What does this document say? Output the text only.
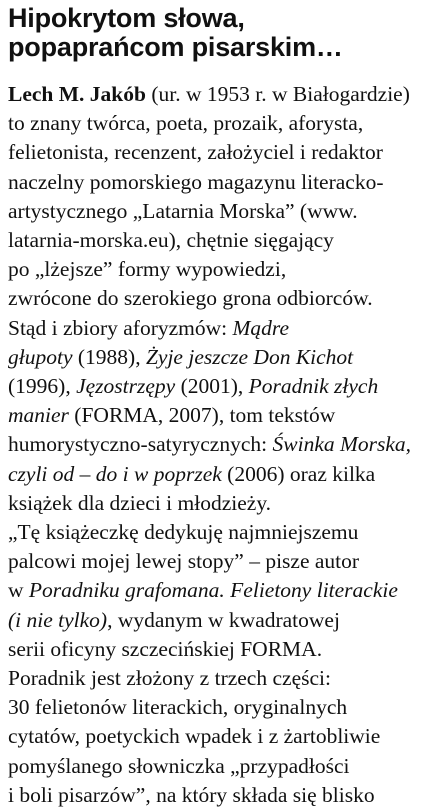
Hipokrytom słowa,
popaprańcom pisarskim…
Lech M. Jakób (ur. w 1953 r. w Białogardzie)
to znany twórca, poeta, prozaik, aforysta,
felietonista, recenzent, założyciel i redaktor
naczelny pomorskiego magazynu literacko-
artystycznego „Latarnia Morska” (www.
latarnia-morska.eu), chętnie sięgający
po „lżejsze” formy wypowiedzi,
zwrócone do szerokiego grona odbiorców.
Stąd i zbiory aforyzmów: Mądre
głupoty (1988), Żyje jeszcze Don Kichot
(1996), Jęzostrzępy (2001), Poradnik złych
manier (FORMA, 2007), tom tekstów
humorystyczno-satyrycznych: Świnka Morska,
czyli od – do i w poprzek (2006) oraz kilka
książek dla dzieci i młodzieży.
„Tę książeczkę dedykuję najmniejszemu
palcowi mojej lewej stopy” – pisze autor
w Poradniku grafomana. Felietony literackie
(i nie tylko), wydanym w kwadratowej
serii oficyny szczecińskiej FORMA.
Poradnik jest złożony z trzech części:
30 felietonów literackich, oryginalnych
cytatów, poetyckich wpadek i z żartobliwie
pomyślanego słowniczka „przypadłości
i boli pisarzów”, na który składa się blisko
